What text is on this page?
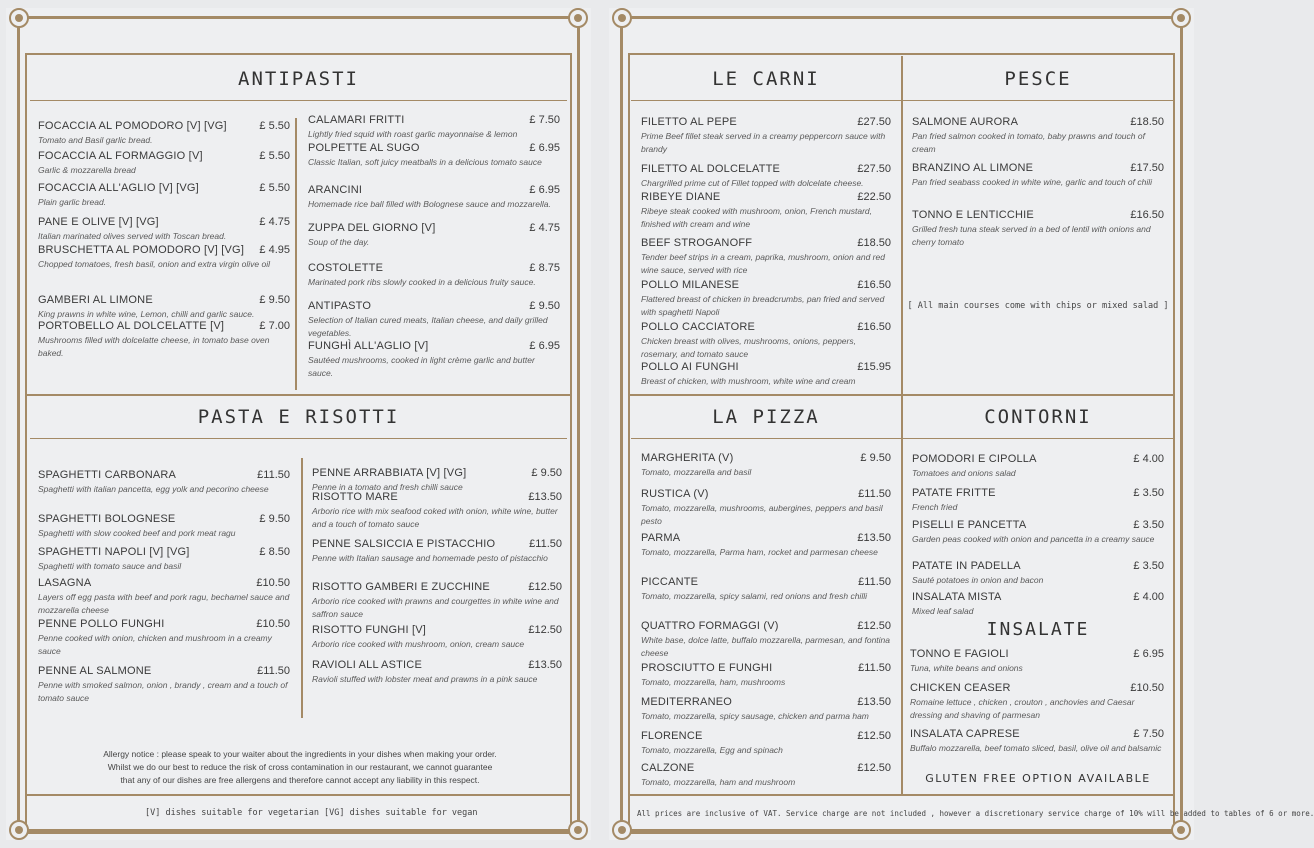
ANTIPASTI
FOCACCIA AL POMODORO [V] [VG]	£ 5.50
Tomato and Basil garlic bread.
FOCACCIA AL FORMAGGIO [V]	£ 5.50
Garlic & mozzarella bread
FOCACCIA ALL'AGLIO [V] [VG]	£ 5.50
Plain garlic bread.
PANE E OLIVE [V] [VG]	£ 4.75
Italian marinated olives served with Toscan bread.
BRUSCHETTA AL POMODORO [V] [VG]	£ 4.95
Chopped tomatoes, fresh basil, onion and extra virgin olive oil
GAMBERI AL LIMONE	£ 9.50
King prawns in white wine, Lemon, chilli and garlic sauce.
PORTOBELLO AL DOLCELATTE [V]	£ 7.00
Mushrooms filled with dolcelatte cheese, in tomato base oven baked.
CALAMARI FRITTI	£ 7.50
Lightly fried squid with roast garlic mayonnaise & lemon
POLPETTE AL SUGO	£ 6.95
Classic Italian, soft juicy meatballs in a delicious tomato sauce
ARANCINI	£ 6.95
Homemade rice ball filled with Bolognese sauce and mozzarella.
ZUPPA DEL GIORNO [V]	£ 4.75
Soup of the day.
COSTOLETTE	£ 8.75
Marinated pork ribs slowly cooked in a delicious fruity sauce.
ANTIPASTO	£ 9.50
Selection of Italian cured meats, Italian cheese, and daily grilled vegetables.
FUNGHÌ ALL'AGLIO [V]	£ 6.95
Sautéed mushrooms, cooked in light crème garlic and butter sauce.
PASTA E RISOTTI
SPAGHETTI CARBONARA	£11.50
Spaghetti with italian pancetta, egg yolk and pecorino cheese
SPAGHETTI BOLOGNESE	£ 9.50
Spaghetti with slow cooked beef and pork meat ragu
SPAGHETTI NAPOLI [V] [VG]	£ 8.50
Spaghetti with tomato sauce and basil
LASAGNA	£10.50
Layers off egg pasta with beef and pork ragu, bechamel sauce and mozzarella cheese
PENNE POLLO FUNGHI	£10.50
Penne cooked with onion, chicken and mushroom in a creamy sauce
PENNE AL SALMONE	£11.50
Penne with smoked salmon, onion , brandy , cream and a touch of tomato sauce
PENNE ARRABBIATA [V] [VG]	£ 9.50
Penne in a tomato and fresh chilli sauce
RISOTTO MARE	£13.50
Arborio rice with mix seafood coked with onion, white wine, butter and a touch of tomato sauce
PENNE SALSICCIA E PISTACCHIO	£11.50
Penne with Italian sausage and homemade pesto of pistacchio
RISOTTO GAMBERI E ZUCCHINE	£12.50
Arborio rice cooked with prawns and courgettes in white wine and saffron sauce
RISOTTO FUNGHI [V]	£12.50
Arborio rice cooked with mushroom, onion, cream sauce
RAVIOLI ALL ASTICE	£13.50
Ravioli stuffed with lobster meat and prawns in a pink sauce
Allergy notice : please speak to your waiter about the ingredients in your dishes when making your order.
Whilst we do our best to reduce the risk of cross contamination in our restaurant, we cannot guarantee
that any of our dishes are free allergens and therefore cannot accept any liability in this respect.
[V] dishes suitable for vegetarian [VG] dishes suitable for vegan
LE CARNI
FILETTO AL PEPE	£27.50
Prime Beef fillet steak served in a creamy peppercorn sauce with brandy
FILETTO AL DOLCELATTE	£27.50
Chargrilled prime cut of Fillet topped with dolcelate cheese.
RIBEYE DIANE	£22.50
Ribeye steak cooked with mushroom, onion, French mustard, finished with cream and wine
BEEF STROGANOFF	£18.50
Tender beef strips in a cream, paprika, mushroom, onion and red wine sauce, served with rice
POLLO MILANESE	£16.50
Flattered breast of chicken in breadcrumbs, pan fried and served with spaghetti Napoli
POLLO CACCIATORE	£16.50
Chicken breast with olives, mushrooms, onions, peppers, rosemary, and tomato sauce
POLLO AI FUNGHI	£15.95
Breast of chicken, with mushroom, white wine and cream
PESCE
SALMONE AURORA	£18.50
Pan fried salmon cooked in tomato, baby prawns and touch of cream
BRANZINO AL LIMONE	£17.50
Pan fried seabass cooked in white wine, garlic and touch of chili
TONNO E LENTICCHIE	£16.50
Grilled fresh tuna steak served in a bed of lentil with onions and cherry tomato
[ All main courses come with chips or mixed salad ]
LA PIZZA
MARGHERITA (V)	£ 9.50
Tomato, mozzarella and basil
RUSTICA (V)	£11.50
Tomato, mozzarella, mushrooms, aubergines, peppers and basil pesto
PARMA	£13.50
Tomato, mozzarella, Parma ham, rocket and parmesan cheese
PICCANTE	£11.50
Tomato, mozzarella, spicy salami, red onions and fresh chilli
QUATTRO FORMAGGI (V)	£12.50
White base, dolce latte, buffalo mozzarella, parmesan, and fontina cheese
PROSCIUTTO E FUNGHI	£11.50
Tomato, mozzarella, ham, mushrooms
MEDITERRANEO	£13.50
Tomato, mozzarella, spicy sausage, chicken and parma ham
FLORENCE	£12.50
Tomato, mozzarella, Egg and spinach
CALZONE	£12.50
Tomato, mozzarella, ham and mushroom
CONTORNI
POMODORI E CIPOLLA	£ 4.00
Tomatoes and onions salad
PATATE FRITTE	£ 3.50
French fried
PISELLI E PANCETTA	£ 3.50
Garden peas cooked with onion and pancetta in a creamy sauce
PATATE IN PADELLA	£ 3.50
Sauté potatoes in onion and bacon
INSALATA MISTA	£ 4.00
Mixed leaf salad
INSALATE
TONNO E FAGIOLI	£ 6.95
Tuna, white beans and onions
CHICKEN CEASER	£10.50
Romaine lettuce , chicken , crouton , anchovies and Caesar dressing and shaving of parmesan
INSALATA CAPRESE	£ 7.50
Buffalo mozzarella, beef tomato sliced, basil, olive oil and balsamic
GLUTEN FREE OPTION AVAILABLE
All prices are inclusive of VAT. Service charge are not included , however a discretionary service charge of 10% will be added to tables of 6 or more.
